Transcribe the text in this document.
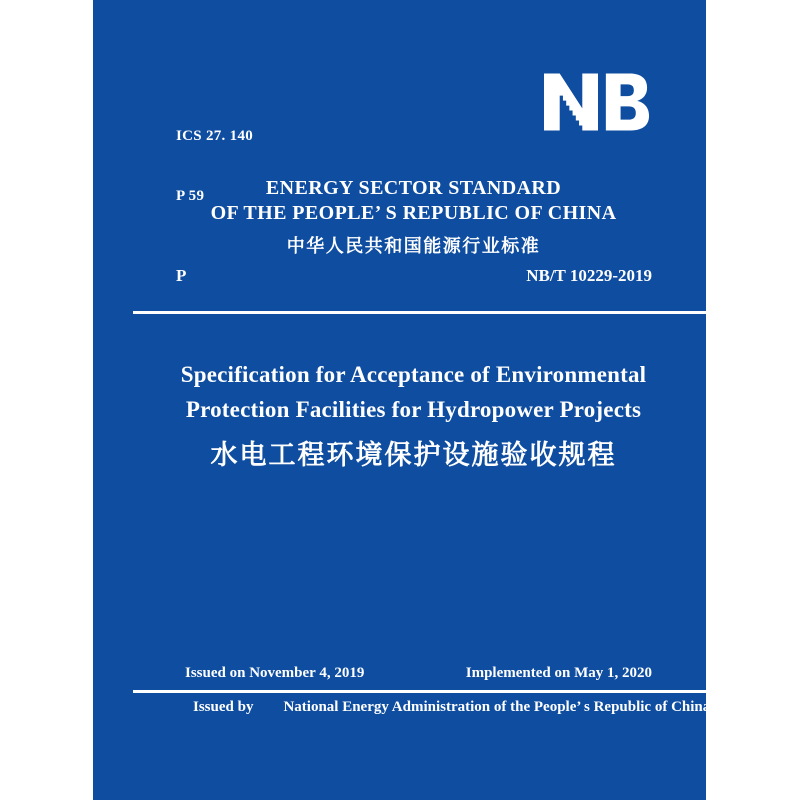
ICS 27. 140

P 59

	ENERGY SECTOR STANDARD
OF THE PEOPLE’ S REPUBLIC OF CHINA
中华人民共和国能源行业标准
P	NB/T 10229-2019
Specification for Acceptance of Environmental
Protection Facilities for Hydropower Projects
水电工程环境保护设施验收规程
Issued on November 4, 2019	Implemented on May 1, 2020
Issued by National Energy Administration of the People’ s Republic of China
